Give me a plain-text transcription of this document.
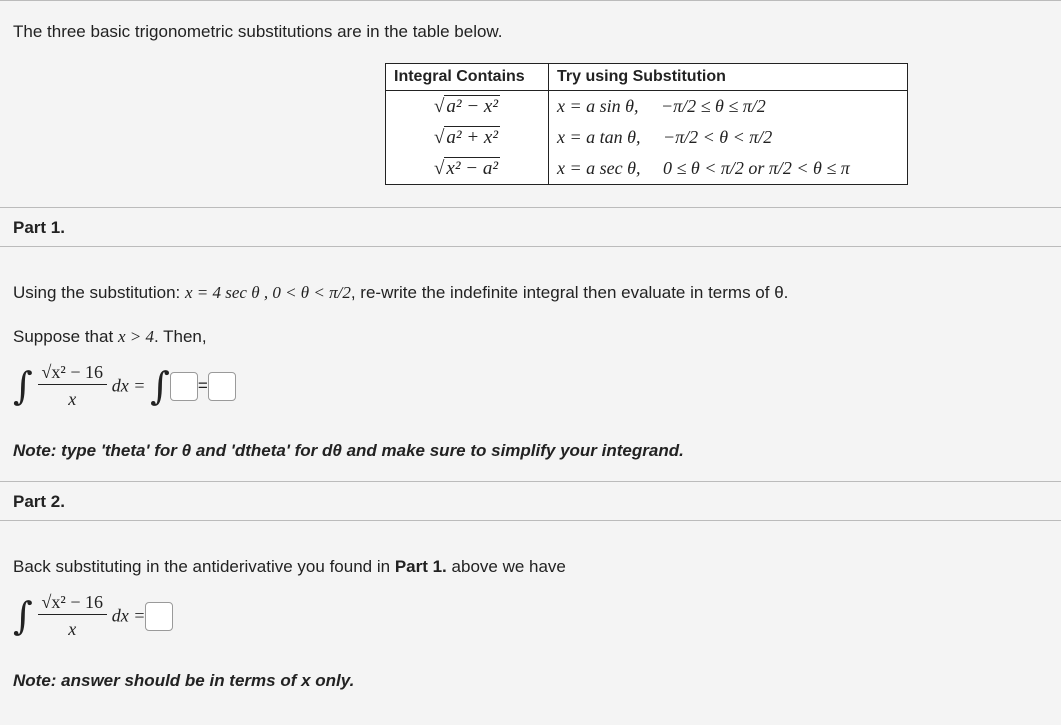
The three basic trigonometric substitutions are in the table below.
Integral Contains	Try using Substitution
√ a² − x²	x = a sin θ, −π/2 ≤ θ ≤ π/2
√ a² + x²	x = a tan θ, −π/2 < θ < π/2
√ x² − a²	x = a sec θ, 0 ≤ θ < π/2 or π/2 < θ ≤ π
Part 1.
Using the substitution: x = 4 sec θ , 0 < θ < π/2, re-write the indefinite integral then evaluate in terms of θ.
Suppose that x > 4. Then,
∫ $\frac{\text{√x² − 16}}{x}$ dx = ∫ =
Note: type 'theta' for θ and 'dtheta' for dθ and make sure to simplify your integrand.
Part 2.
Back substituting in the antiderivative you found in Part 1. above we have
∫ $\frac{\text{√x² − 16}}{x}$ dx =
Note: answer should be in terms of x only.
